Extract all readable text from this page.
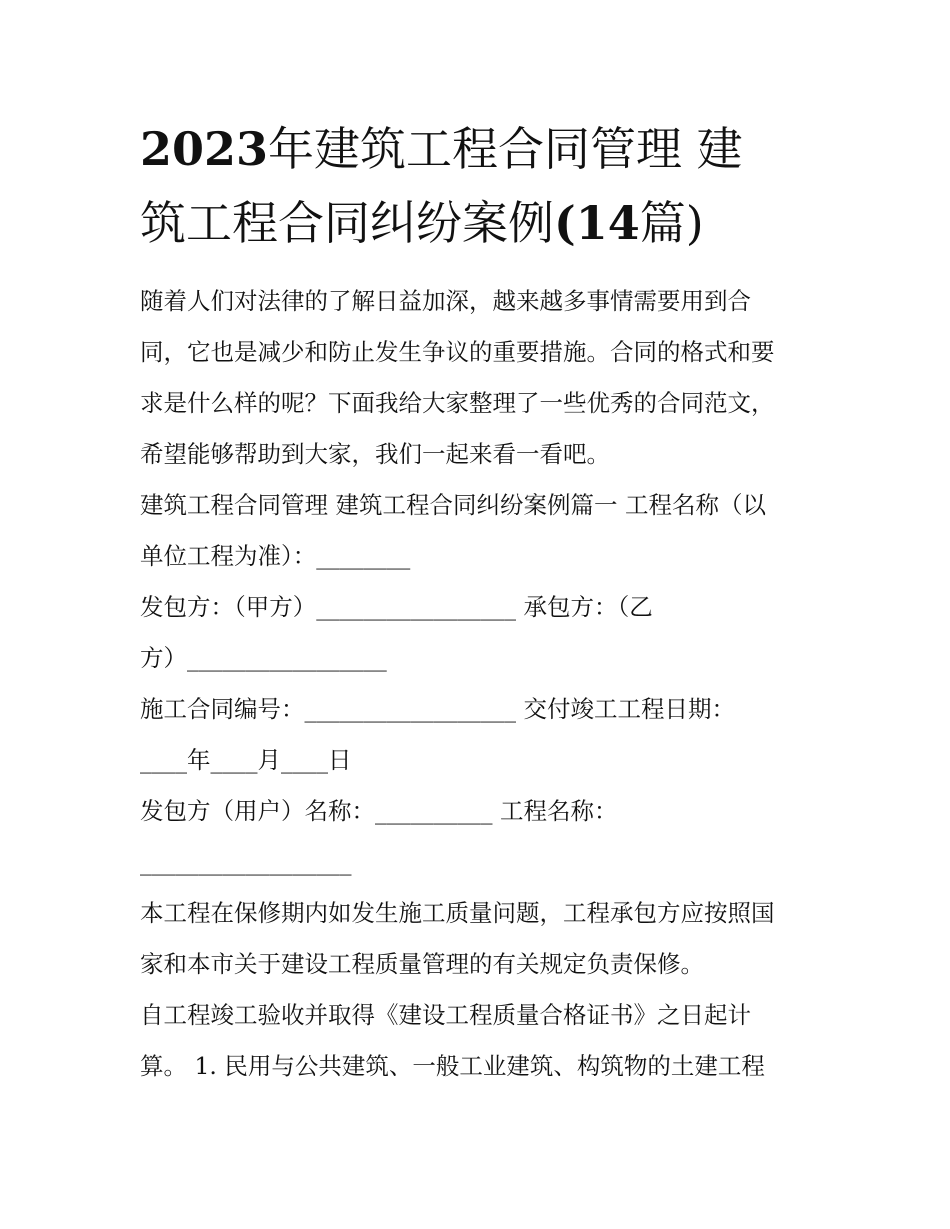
2023年建筑工程合同管理 建
筑工程合同纠纷案例(14篇)

随着人们对法律的了解日益加深，越来越多事情需要用到合
同，它也是减少和防止发生争议的重要措施。合同的格式和要
求是什么样的呢？下面我给大家整理了一些优秀的合同范文，
希望能够帮助到大家，我们一起来看一看吧。

建筑工程合同管理 建筑工程合同纠纷案例篇一 工程名称（以
单位工程为准）：________

发包方：（甲方）_________________ 承包方：（乙
方）_________________

施工合同编号：__________________ 交付竣工工程日期：
____年____月____日

发包方（用户）名称：__________ 工程名称：
__________________

本工程在保修期内如发生施工质量问题，工程承包方应按照国
家和本市关于建设工程质量管理的有关规定负责保修。

自工程竣工验收并取得《建设工程质量合格证书》之日起计
算。 1. 民用与公共建筑、一般工业建筑、构筑物的土建工程
